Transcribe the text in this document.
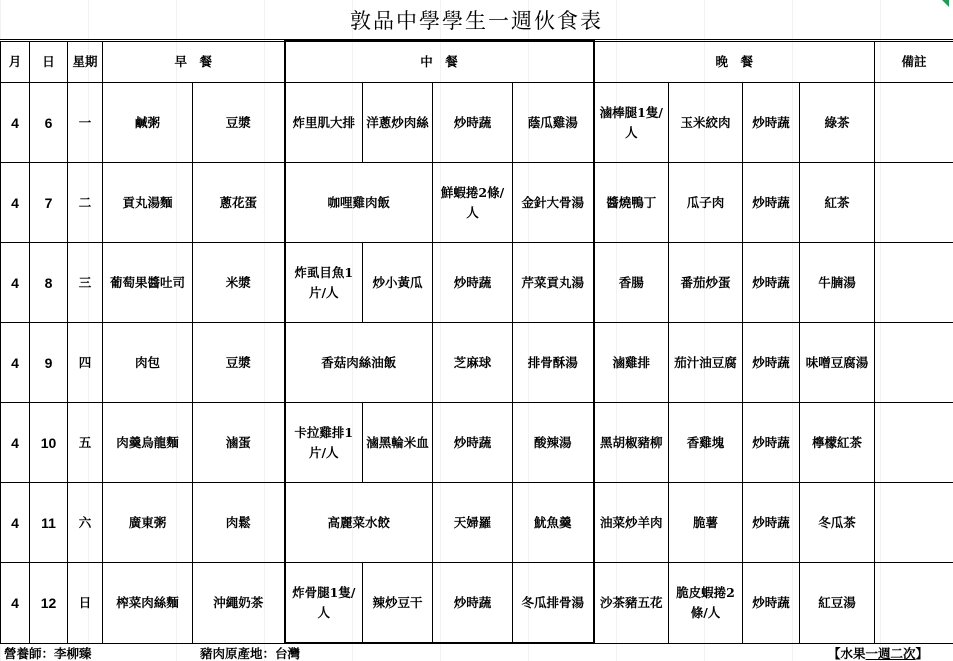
敦品中學學生一週伙食表
月	日	星期	早　餐		中　餐				晚　餐				備註
4	6	一	鹹粥	豆漿	炸里肌大排	洋蔥炒肉絲	炒時蔬	蔭瓜雞湯	滷棒腿1隻/人	玉米絞肉	炒時蔬	綠茶	
4	7	二	貢丸湯麵	蔥花蛋	咖哩雞肉飯		鮮蝦捲2條/人	金針大骨湯	醬燒鴨丁	瓜子肉	炒時蔬	紅茶	
4	8	三	葡萄果醬吐司	米漿	炸虱目魚1片/人	炒小黃瓜	炒時蔬	芹菜貢丸湯	香腸	番茄炒蛋	炒時蔬	牛腩湯	
4	9	四	肉包	豆漿	香菇肉絲油飯		芝麻球	排骨酥湯	滷雞排	茄汁油豆腐	炒時蔬	味噌豆腐湯	
4	10	五	肉羹烏龍麵	滷蛋	卡拉雞排1片/人	滷黑輪米血	炒時蔬	酸辣湯	黑胡椒豬柳	香雞塊	炒時蔬	檸檬紅茶	
4	11	六	廣東粥	肉鬆	高麗菜水餃		天婦羅	魷魚羹	油菜炒羊肉	脆薯	炒時蔬	冬瓜茶	
4	12	日	榨菜肉絲麵	沖繩奶茶	炸骨腿1隻/人	辣炒豆干	炒時蔬	冬瓜排骨湯	沙茶豬五花	脆皮蝦捲2條/人	炒時蔬	紅豆湯	
營養師：李柳臻	豬肉原產地：台灣	【水果一週二次】
